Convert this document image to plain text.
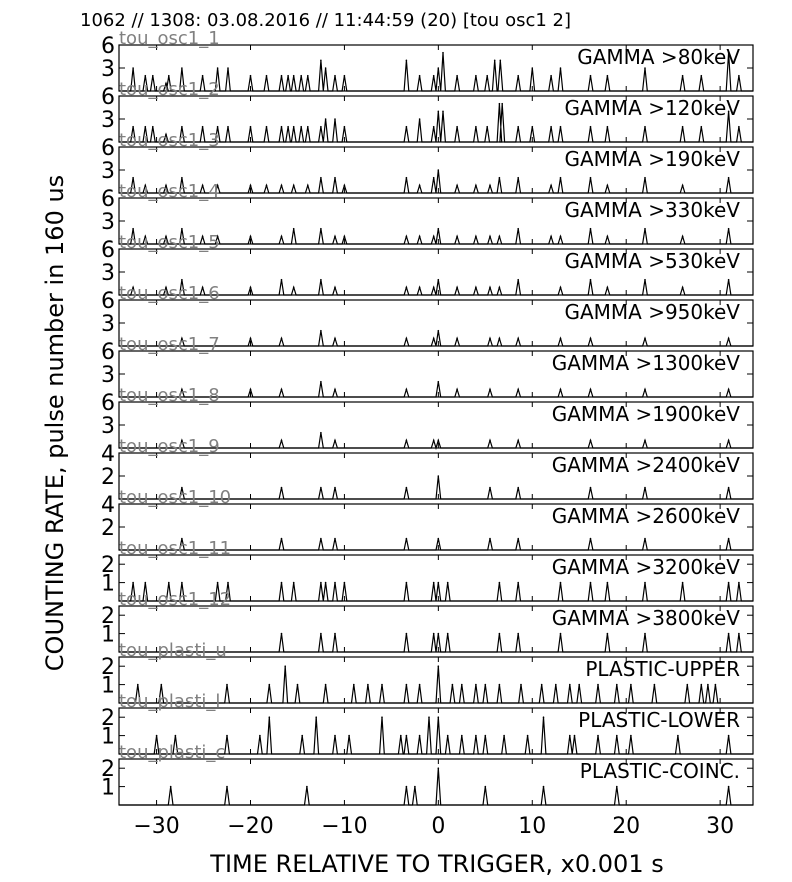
1062 // 1308: 03.08.2016 // 11:44:59 (20) [tou osc1 2]
3
6	GAMMA >80keV
tou_osc1_1
3
6	GAMMA >120keV
tou_osc1_2
3
6	GAMMA >190keV
tou_osc1_3
3
6	GAMMA >330keV
tou_osc1_4
3
6	GAMMA >530keV
tou_osc1_5
3
6	GAMMA >950keV
tou_osc1_6
3
6	GAMMA >1300keV
tou_osc1_7
3
6	GAMMA >1900keV
tou_osc1_8
2
4	GAMMA >2400keV
tou_osc1_9
2
4	GAMMA >2600keV
tou_osc1_10
1
2	GAMMA >3200keV
tou_osc1_11
1
2	GAMMA >3800keV
tou_osc1_12
1
2	PLASTIC-UPPER
tou_plasti_u
1
2	PLASTIC-LOWER
tou_plasti_l
1
2	PLASTIC-COINC.
tou_plasti_c
−30 −20 −10	0	10	20	30
TIME RELATIVE TO TRIGGER, x0.001 s
COUNTING RATE, pulse number in 160 us
